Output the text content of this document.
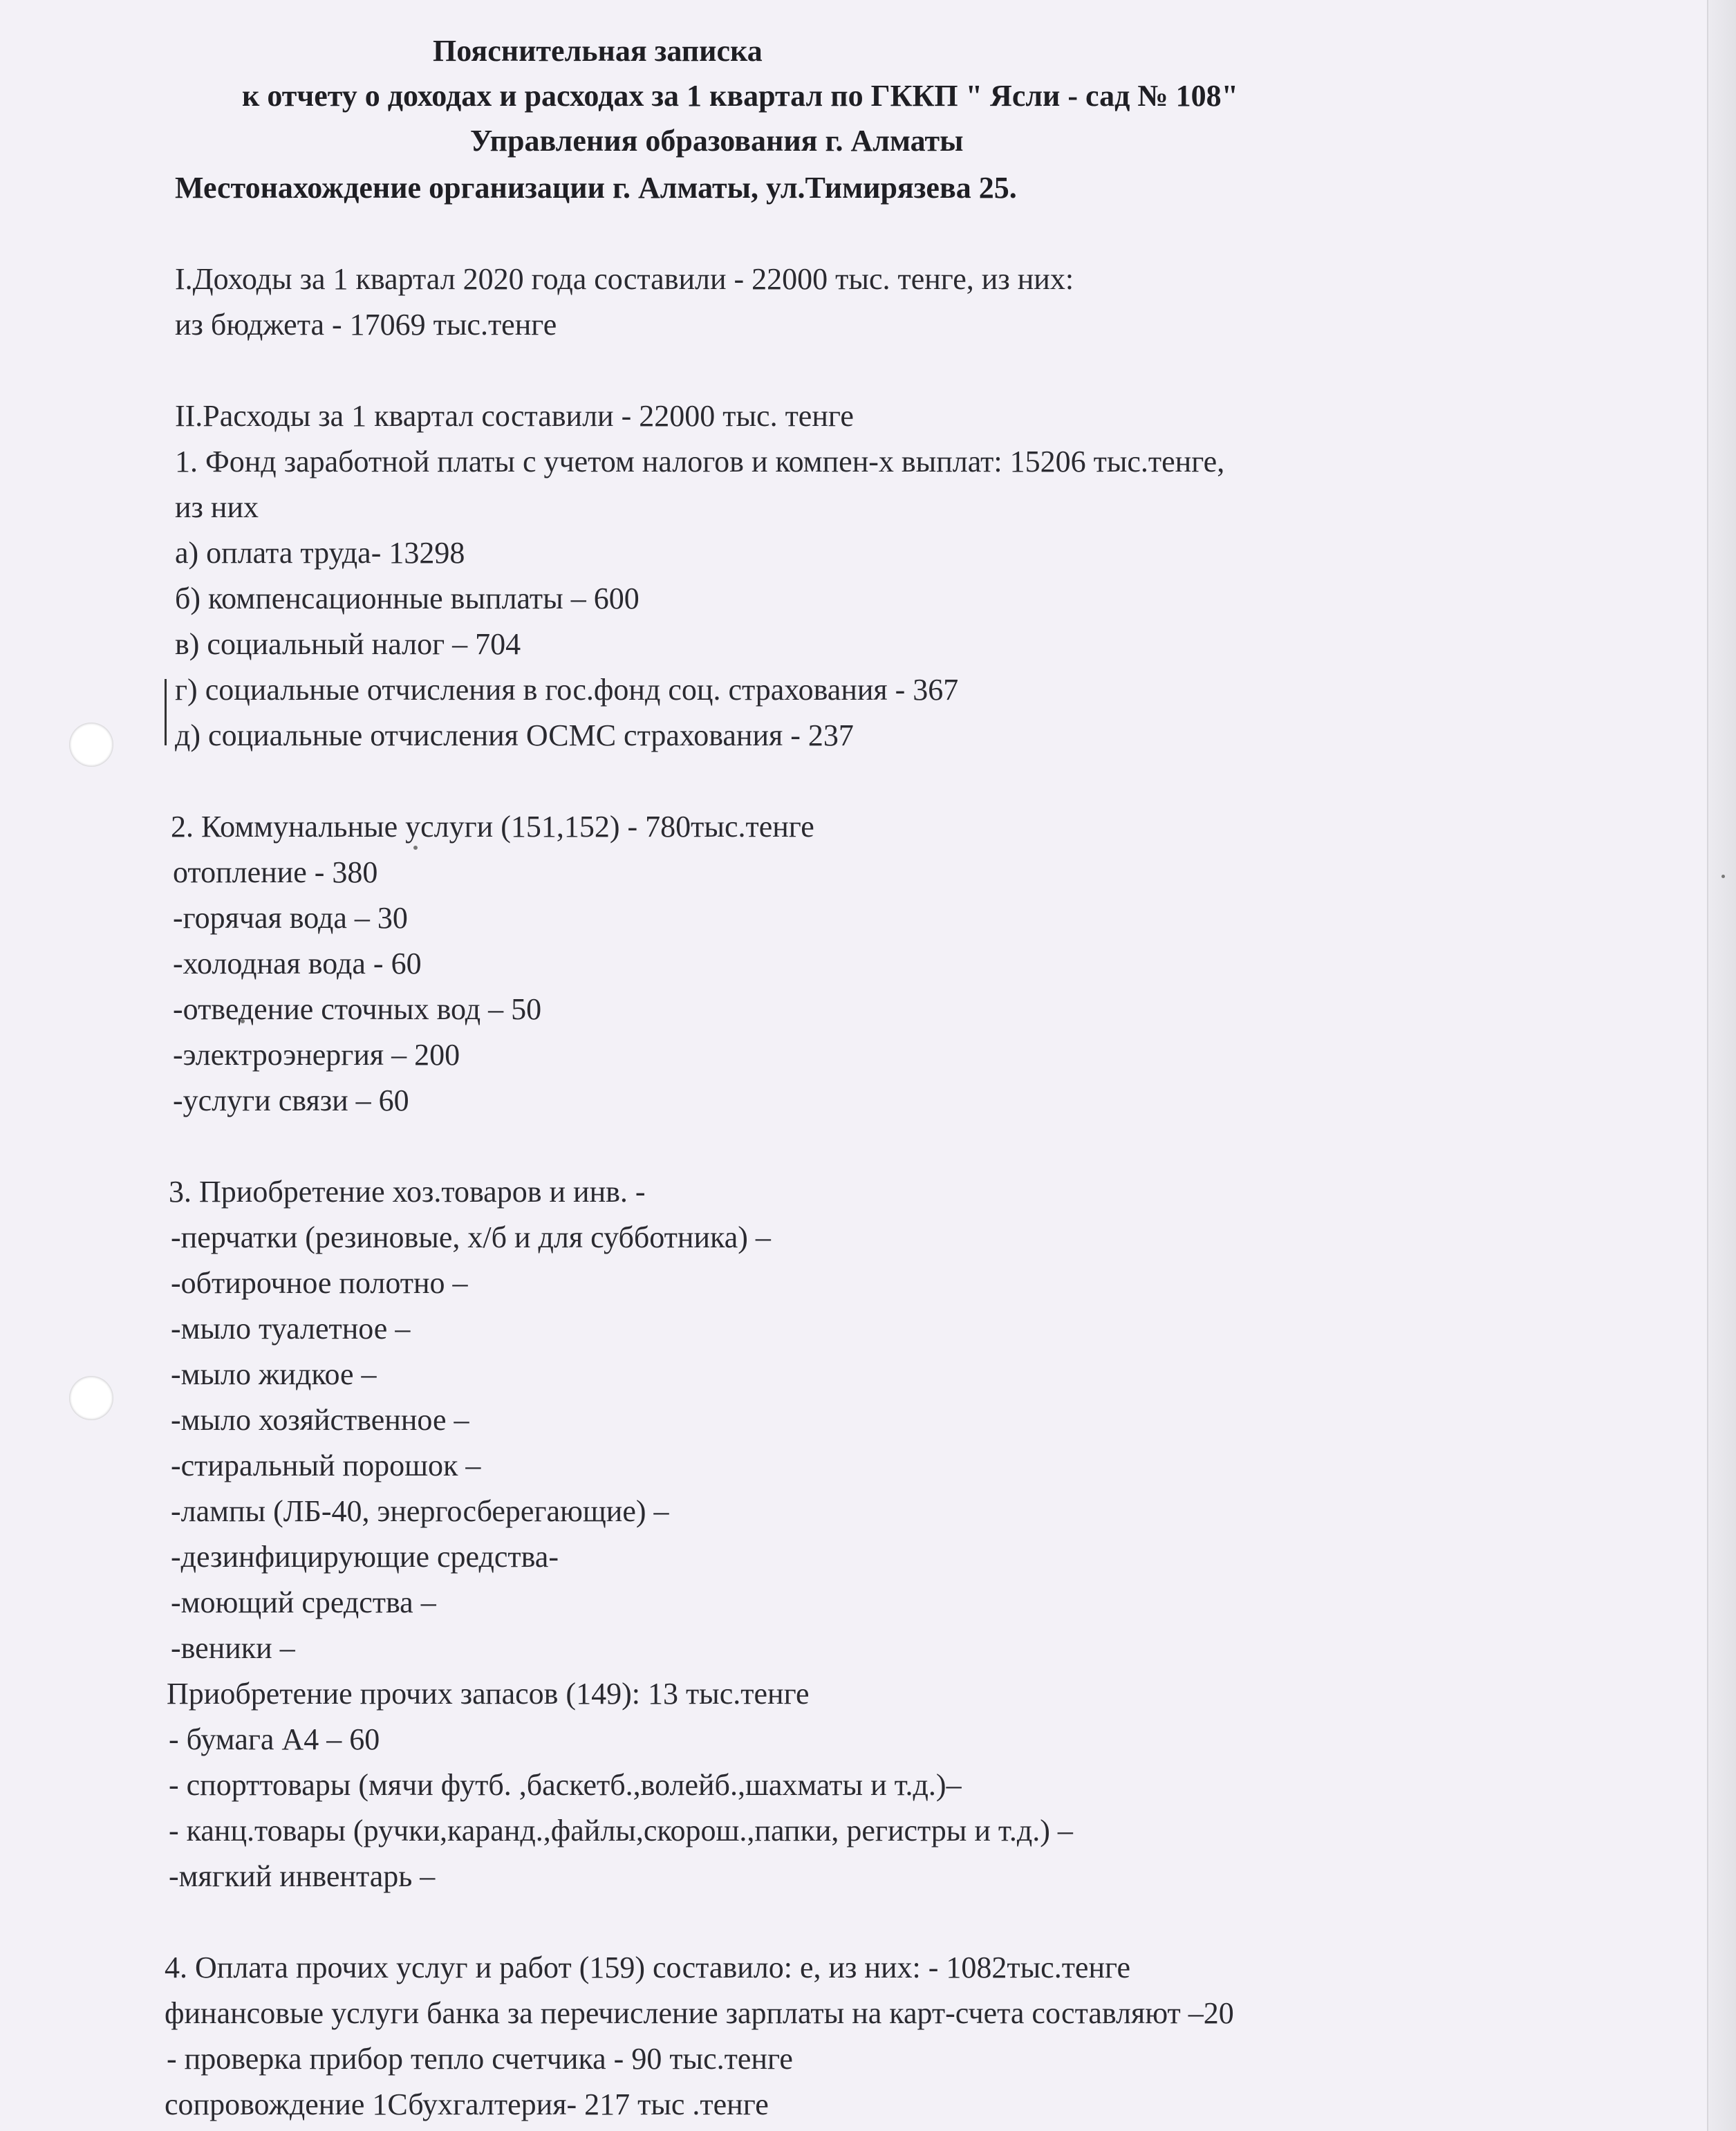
Пояснительная записка
к отчету о доходах и расходах за 1 квартал по ГККП " Ясли - сад № 108"
Управления образования г. Алматы
Местонахождение организации г. Алматы, ул.Тимирязева 25.
I.Доходы за 1 квартал 2020 года составили - 22000 тыс. тенге, из них:
из бюджета - 17069 тыс.тенге
II.Расходы за 1 квартал составили - 22000 тыс. тенге
1. Фонд заработной платы с учетом налогов и компен-х выплат: 15206 тыс.тенге,
из них
а) оплата труда- 13298
б) компенсационные выплаты – 600
в) социальный налог – 704
г) социальные отчисления в гос.фонд соц. страхования - 367
д) социальные отчисления ОСМС страхования - 237
2. Коммунальные услуги (151,152) - 780тыс.тенге
отопление - 380
-горячая вода – 30
-холодная вода - 60
-отведение сточных вод – 50
-электроэнергия – 200
-услуги связи – 60
3. Приобретение хоз.товаров и инв. -
-перчатки (резиновые, х/б и для субботника) –
-обтирочное полотно –
-мыло туалетное –
-мыло жидкое –
-мыло хозяйственное –
-стиральный порошок –
-лампы (ЛБ-40, энергосберегающие) –
-дезинфицирующие средства-
-моющий средства –
-веники –
Приобретение прочих запасов (149): 13 тыс.тенге
- бумага А4 – 60
- спорттовары (мячи футб. ,баскетб.,волейб.,шахматы и т.д.)–
- канц.товары (ручки,каранд.,файлы,скорош.,папки, регистры и т.д.) –
-мягкий инвентарь –
4. Оплата прочих услуг и работ (159) составило: е, из них: - 1082тыс.тенге
финансовые услуги банка за перечисление зарплаты на карт-счета составляют –20
- проверка прибор тепло счетчика - 90 тыс.тенге
сопровождение 1Сбухгалтерия- 217 тыс .тенге
